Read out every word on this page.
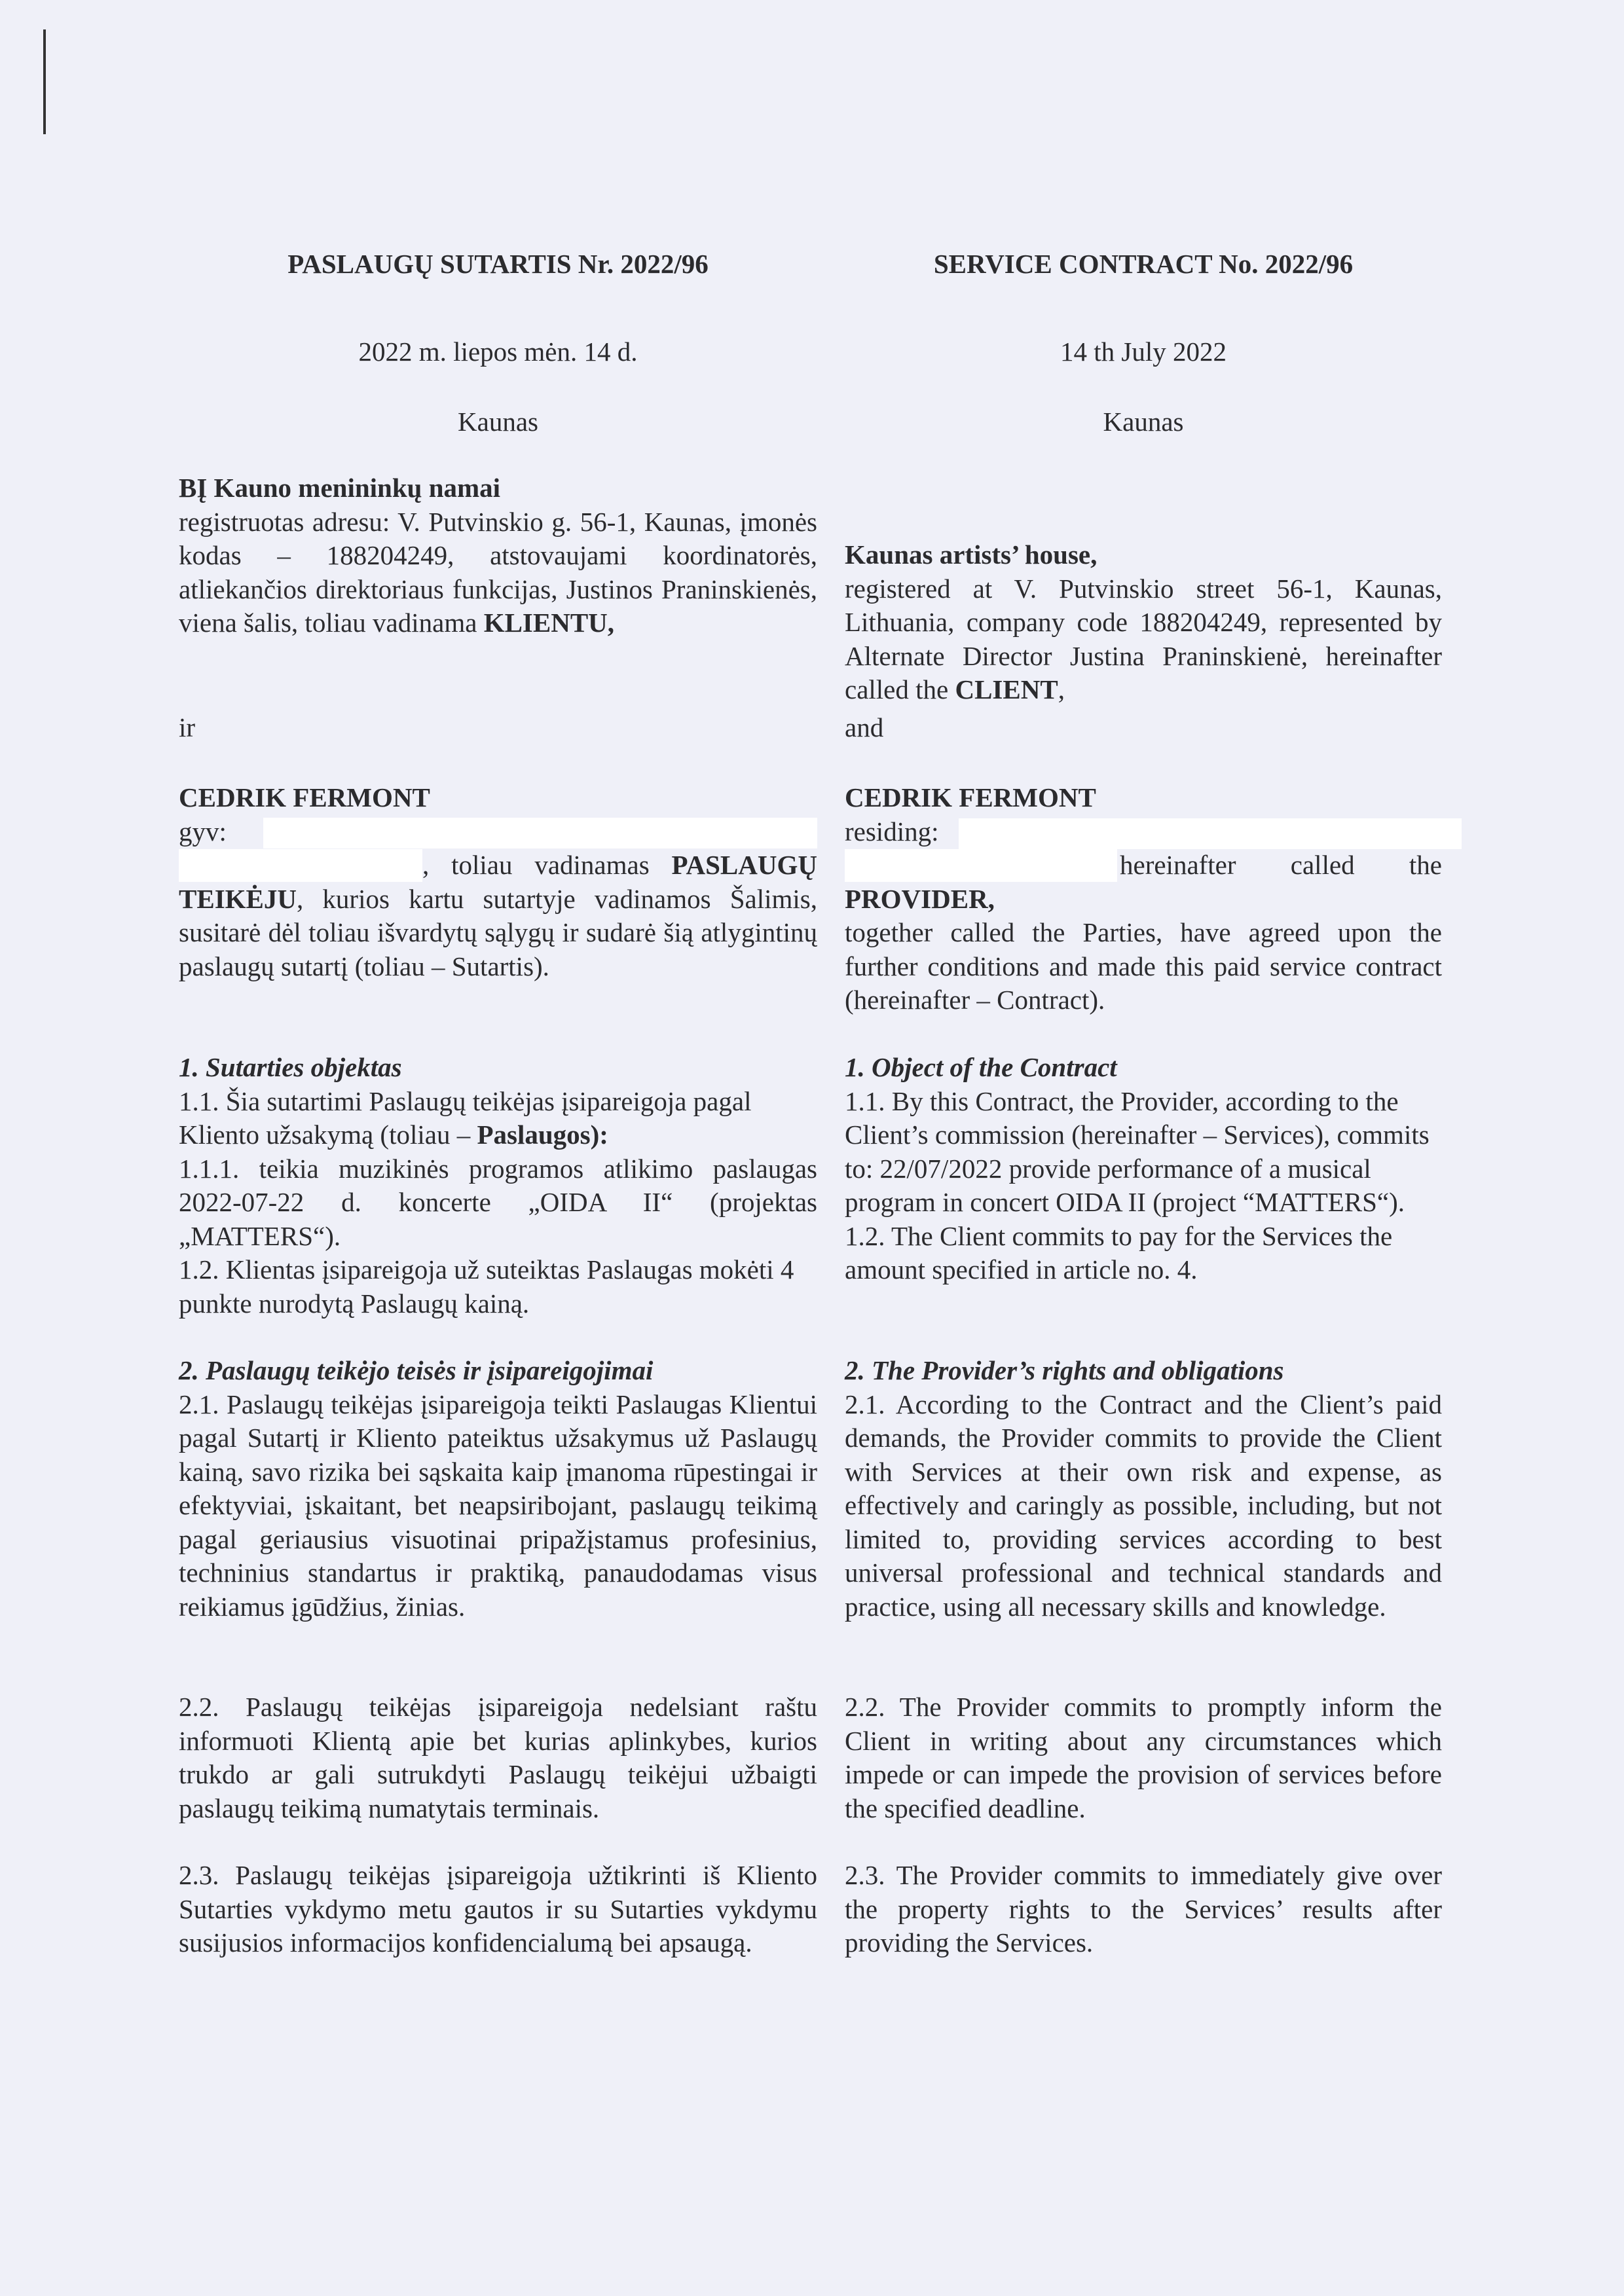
PASLAUGŲ SUTARTIS Nr. 2022/96
2022 m. liepos mėn. 14 d.
Kaunas

BĮ Kauno menininkų namai

registruotas adresu: V. Putvinskio g. 56-1, Kaunas, įmonės kodas – 188204249, atstovaujami koordinatorės, atliekančios direktoriaus funkcijas, Justinos Praninskienės, viena šalis, toliau vadinama KLIENTU,

ir

CEDRIK FERMONT

gyv:

, toliau vadinamas PASLAUGŲ TEIKĖJU, kurios kartu sutartyje vadinamos Šalimis, susitarė dėl toliau išvardytų sąlygų ir sudarė šią atlygintinų paslaugų sutartį (toliau – Sutartis).

1. Sutarties objektas

1.1. Šia sutartimi Paslaugų teikėjas įsipareigoja pagal Kliento užsakymą (toliau – Paslaugos):

1.1.1. teikia muzikinės programos atlikimo paslaugas 2022-07-22 d. koncerte „OIDA II“ (projektas „MATTERS“).

1.2. Klientas įsipareigoja už suteiktas Paslaugas mokėti 4 punkte nurodytą Paslaugų kainą.

2. Paslaugų teikėjo teisės ir įsipareigojimai

2.1. Paslaugų teikėjas įsipareigoja teikti Paslaugas Klientui pagal Sutartį ir Kliento pateiktus užsakymus už Paslaugų kainą, savo rizika bei sąskaita kaip įmanoma rūpestingai ir efektyviai, įskaitant, bet neapsiribojant, paslaugų teikimą pagal geriausius visuotinai pripažįstamus profesinius, techninius standartus ir praktiką, panaudodamas visus reikiamus įgūdžius, žinias.

2.2. Paslaugų teikėjas įsipareigoja nedelsiant raštu informuoti Klientą apie bet kurias aplinkybes, kurios trukdo ar gali sutrukdyti Paslaugų teikėjui užbaigti paslaugų teikimą numatytais terminais.
2.3. Paslaugų teikėjas įsipareigoja užtikrinti iš Kliento Sutarties vykdymo metu gautos ir su Sutarties vykdymu susijusios informacijos konfidencialumą bei apsaugą.
SERVICE CONTRACT No. 2022/96
14 th July 2022
Kaunas

Kaunas artists’ house,

registered at V. Putvinskio street 56-1, Kaunas, Lithuania, company code 188204249, represented by Alternate Director Justina Praninskienė, hereinafter called the CLIENT,

and

CEDRIK FERMONT

residing:

hereinafter called the

PROVIDER,

together called the Parties, have agreed upon the further conditions and made this paid service contract (hereinafter – Contract).

1. Object of the Contract

1.1. By this Contract, the Provider, according to the Client’s commission (hereinafter – Services), commits to: 22/07/2022 provide performance of a musical program in concert OIDA II (project “MATTERS“).

1.2. The Client commits to pay for the Services the amount specified in article no. 4.

2. The Provider’s rights and obligations

2.1. According to the Contract and the Client’s paid demands, the Provider commits to provide the Client with Services at their own risk and expense, as effectively and caringly as possible, including, but not limited to, providing services according to best universal professional and technical standards and practice, using all necessary skills and knowledge.

2.2. The Provider commits to promptly inform the Client in writing about any circumstances which impede or can impede the provision of services before the specified deadline.
2.3. The Provider commits to immediately give over the property rights to the Services’ results after providing the Services.
